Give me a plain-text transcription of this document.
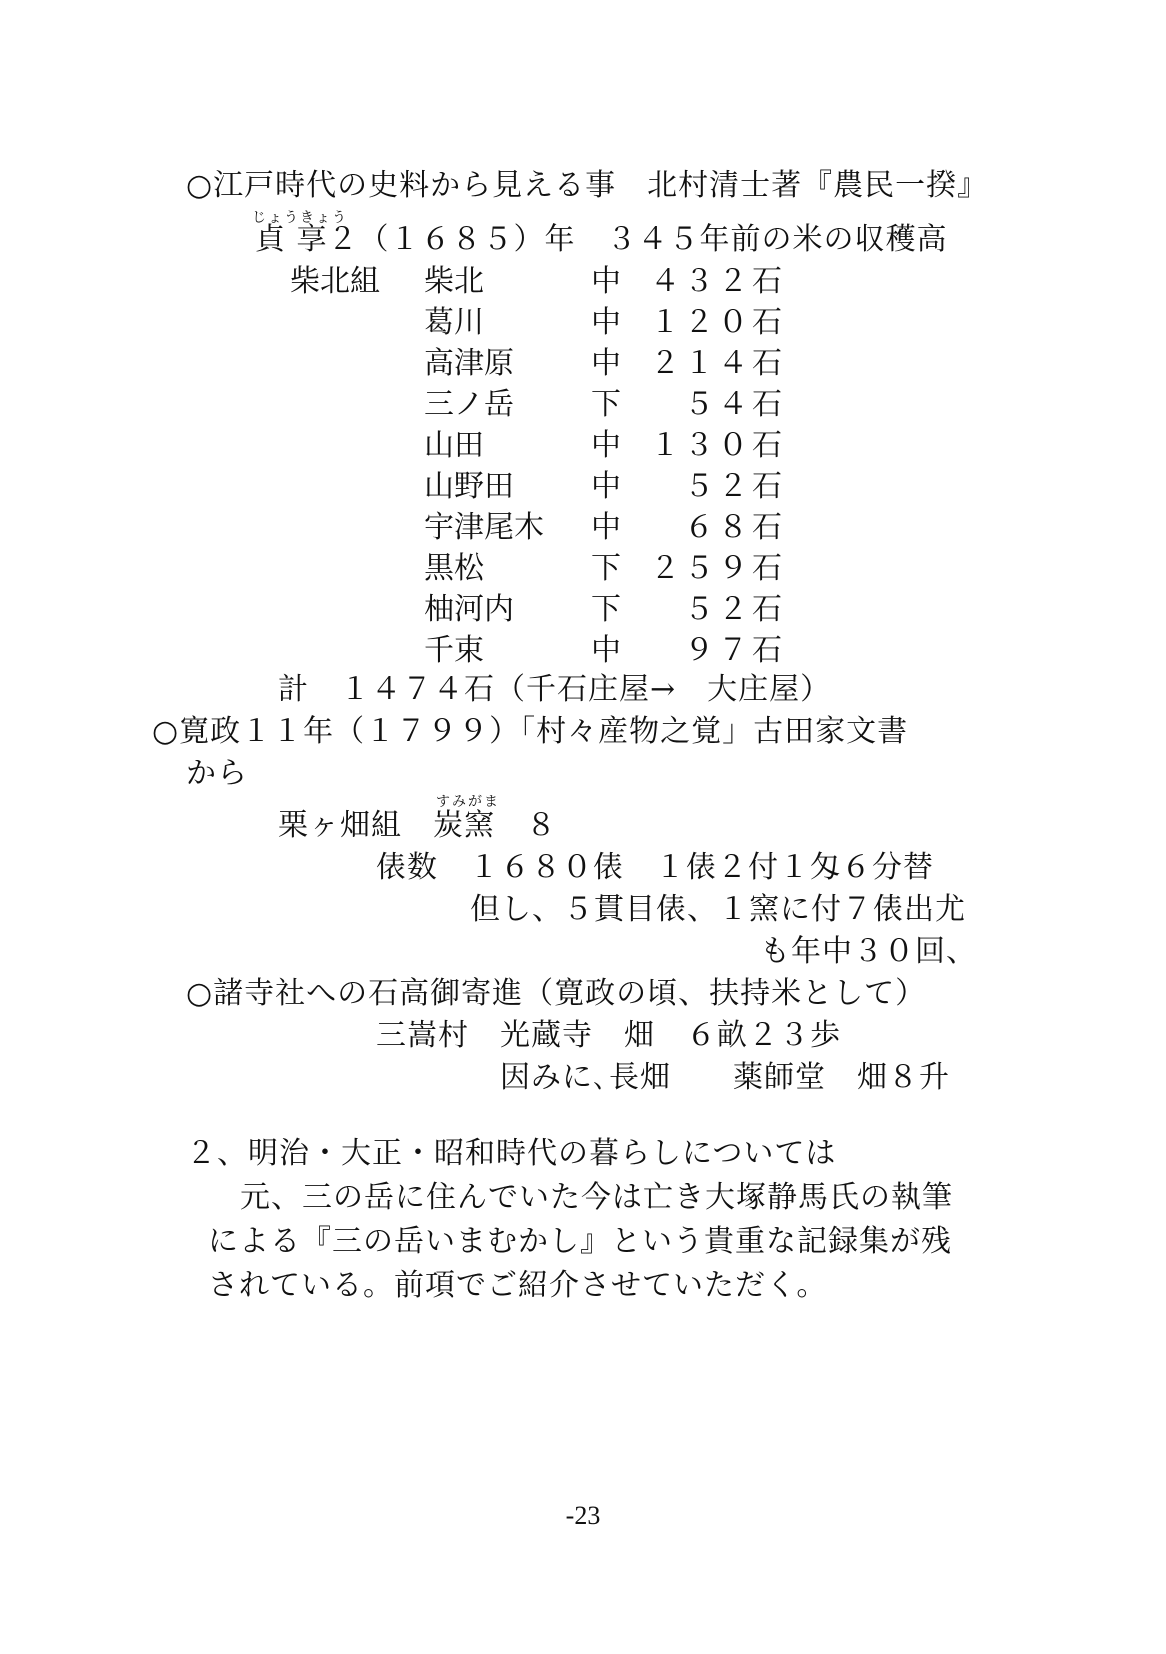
○江戸時代の史料から見える事　北村清士著『農民一揆』
じょうきょう
貞 享２（１６８５）年　３４５年前の米の収穫高
柴北組 柴北	中 ４３２石
葛川	中 １２０石
高津原	中 ２１４石
三ノ岳	下 ５４石
山田	中 １３０石
山野田	中 ５２石
宇津尾木 中 ６８石
黒松	下 ２５９石
柚河内	下 ５２石
千束	中 ９７石
計　１４７４石（千石庄屋→　大庄屋）
○寛政１１年（１７９９）「村々産物之覚」古田家文書
から
すみがま
栗ヶ畑組　炭窯　８
俵数　１６８０俵　１俵２付１匁６分替
但し、５貫目俵、１窯に付７俵出尤
も年中３０回、
○諸寺社への石高御寄進（寛政の頃、扶持米として）
三嵩村　光蔵寺　畑　６畝２３歩
因みに､長畑　　薬師堂　畑８升
２、明治・大正・昭和時代の暮らしについては
元、三の岳に住んでいた今は亡き大塚静馬氏の執筆
による『三の岳いまむかし』という貴重な記録集が残
されている。前項でご紹介させていただく。
-23
